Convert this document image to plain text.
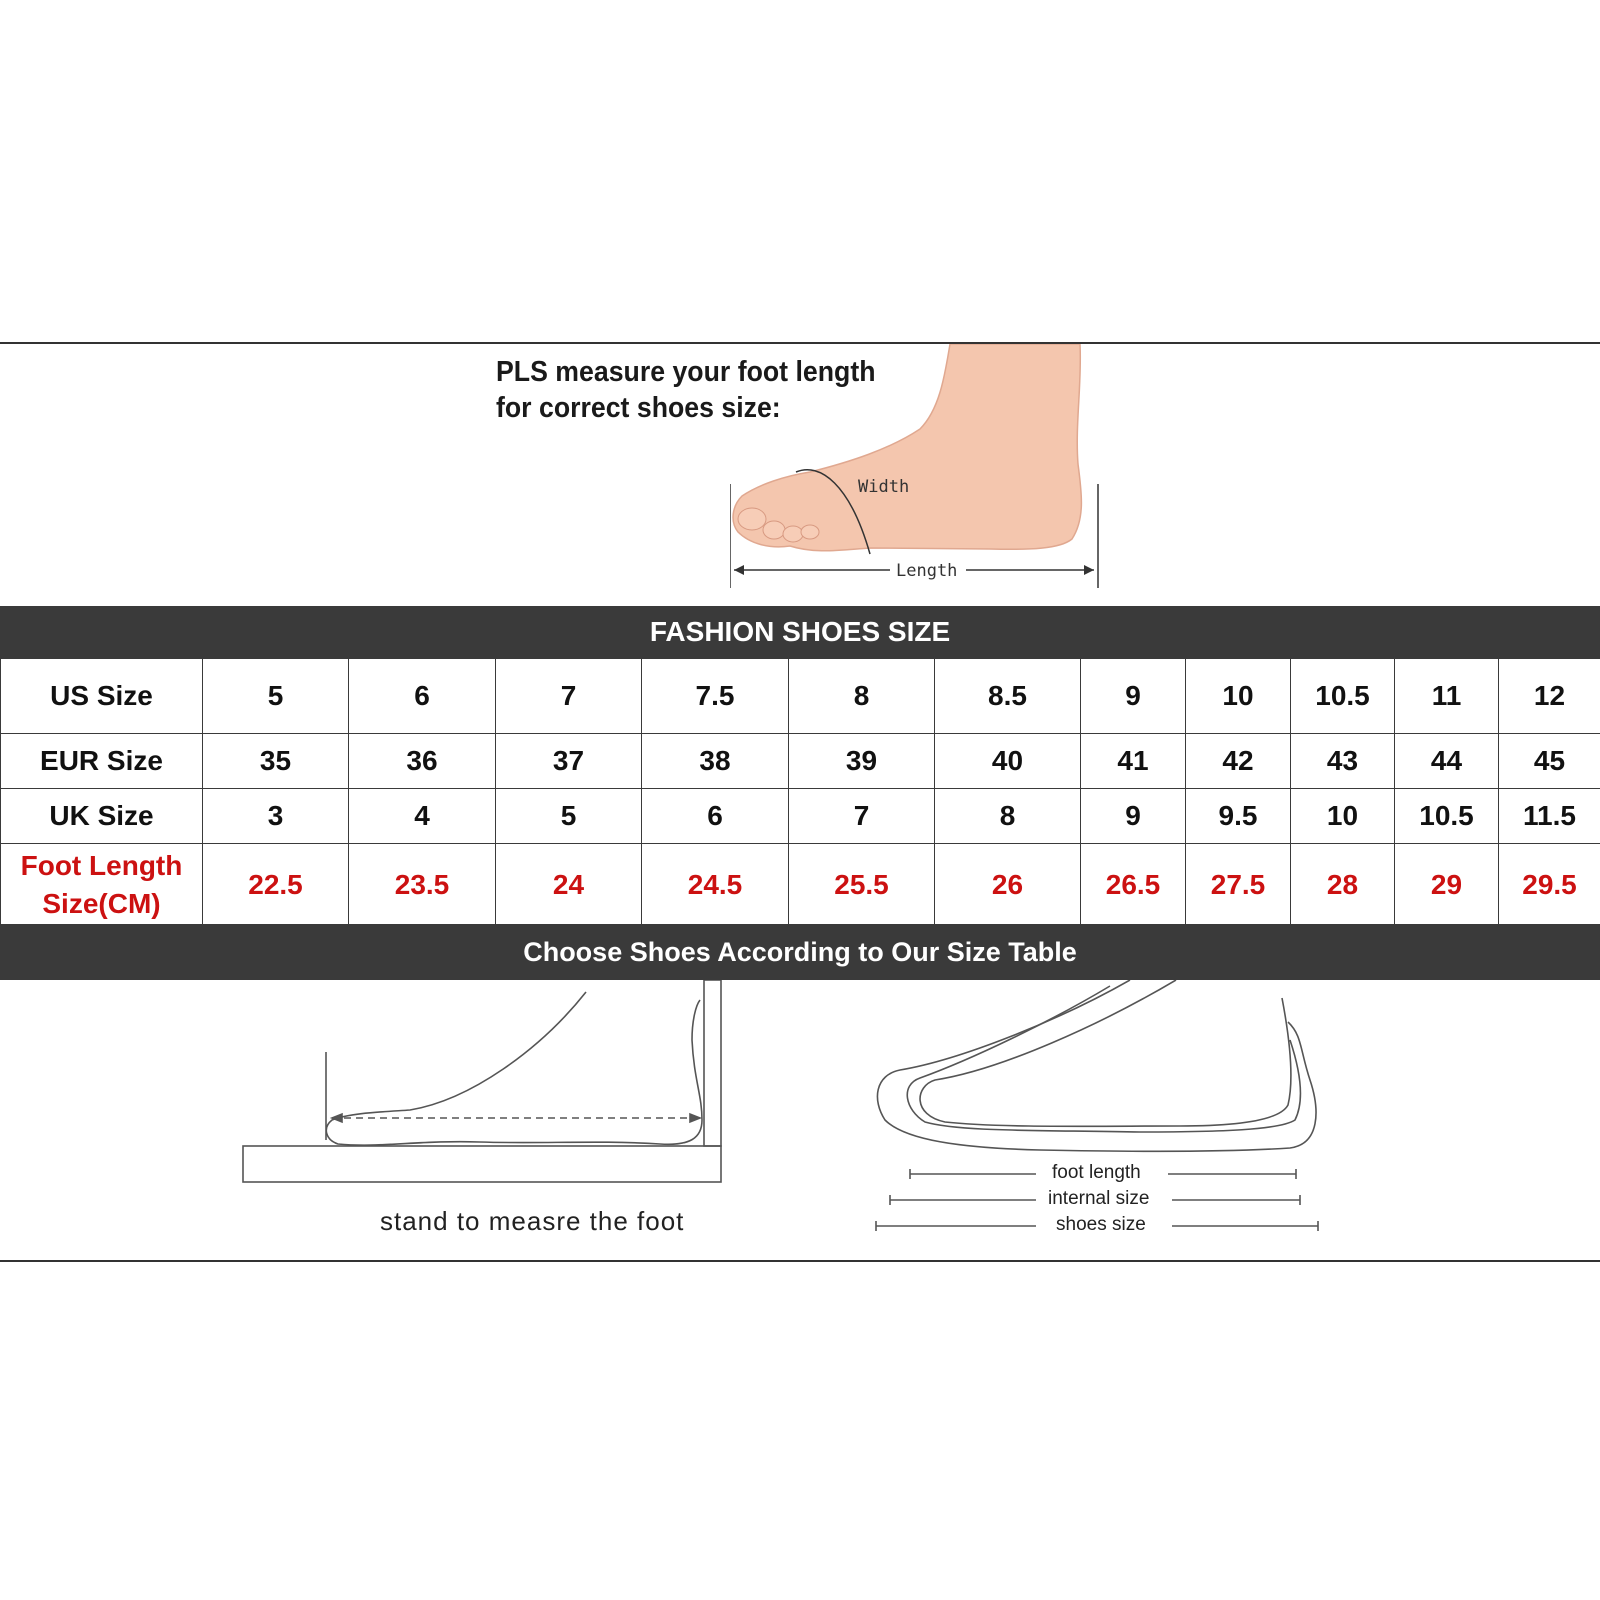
PLS measure your foot length
for correct shoes size:
Width
Length
FASHION SHOES SIZE
US Size	5	6	7	7.5	8	8.5	9	10	10.5	11	12
EUR Size	35	36	37	38	39	40	41	42	43	44	45
UK Size	3	4	5	6	7	8	9	9.5	10	10.5	11.5

Foot Length
Size(CM)	22.5	23.5	24	24.5	25.5	26	26.5	27.5	28	29	29.5
Choose Shoes According to Our Size Table
stand to measre the foot
foot length
internal size
shoes size
